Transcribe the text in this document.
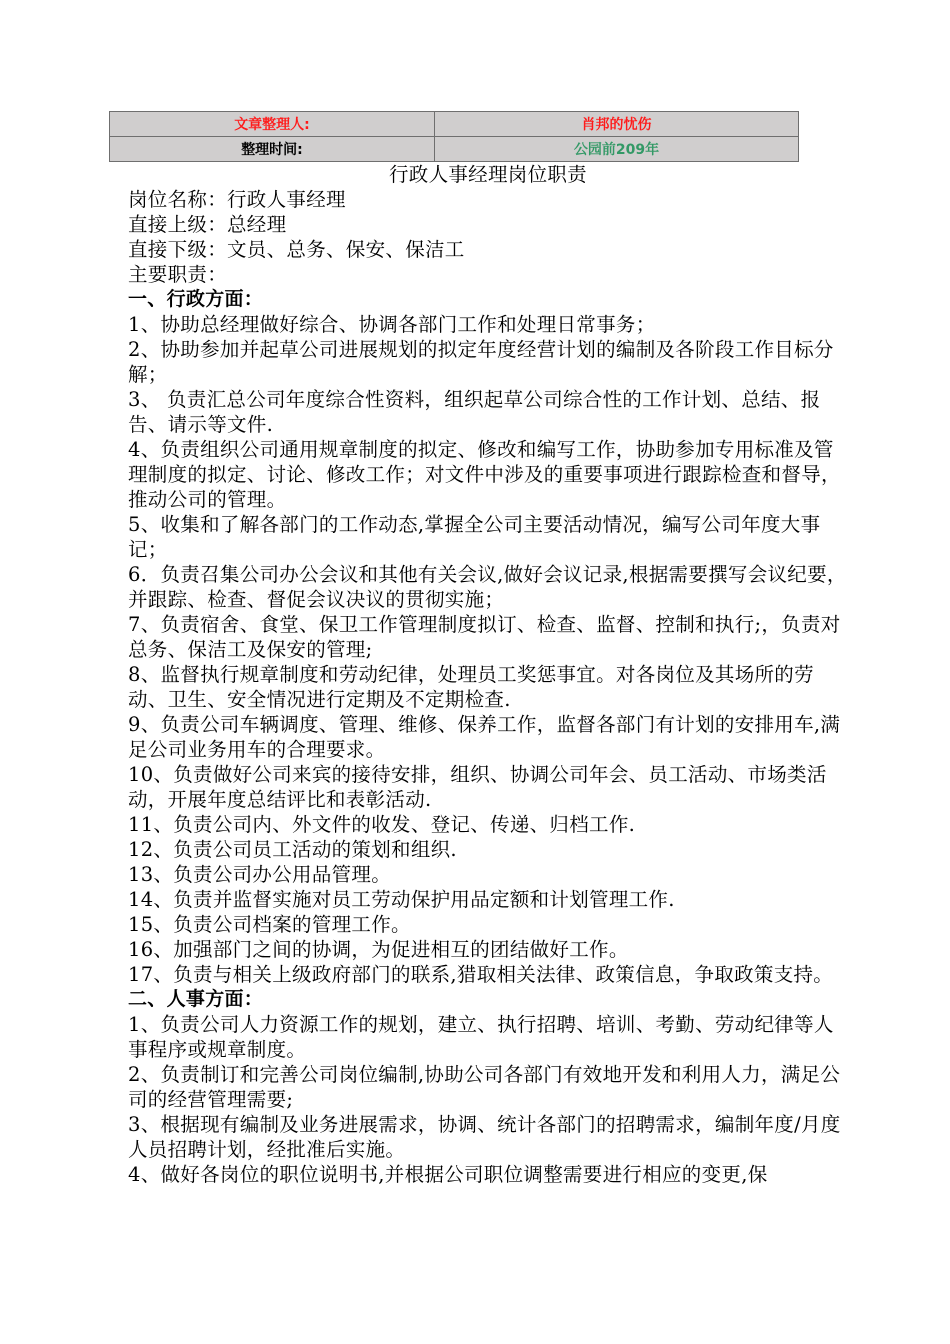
文章整理人:	肖邦的忧伤
整理时间:	公园前209年
行政人事经理岗位职责

岗位名称：行政人事经理

直接上级：总经理

直接下级：文员、总务、保安、保洁工

主要职责：

一、行政方面：

1、协助总经理做好综合、协调各部门工作和处理日常事务；

2、协助参加并起草公司进展规划的拟定年度经营计划的编制及各阶段工作目标分解；

3、 负责汇总公司年度综合性资料，组织起草公司综合性的工作计划、总结、报告、请示等文件.

4、负责组织公司通用规章制度的拟定、修改和编写工作，协助参加专用标准及管理制度的拟定、讨论、修改工作；对文件中涉及的重要事项进行跟踪检查和督导，推动公司的管理。

5、收集和了解各部门的工作动态,掌握全公司主要活动情况，编写公司年度大事记；

6．负责召集公司办公会议和其他有关会议,做好会议记录,根据需要撰写会议纪要，并跟踪、检查、督促会议决议的贯彻实施；

7、负责宿舍、食堂、保卫工作管理制度拟订、检查、监督、控制和执行;，负责对总务、保洁工及保安的管理;

8、监督执行规章制度和劳动纪律，处理员工奖惩事宜。对各岗位及其场所的劳动、卫生、安全情况进行定期及不定期检查.

9、负责公司车辆调度、管理、维修、保养工作，监督各部门有计划的安排用车,满足公司业务用车的合理要求。

10、负责做好公司来宾的接待安排，组织、协调公司年会、员工活动、市场类活动，开展年度总结评比和表彰活动.

11、负责公司内、外文件的收发、登记、传递、归档工作.

12、负责公司员工活动的策划和组织.

13、负责公司办公用品管理。

14、负责并监督实施对员工劳动保护用品定额和计划管理工作.

15、负责公司档案的管理工作。

16、加强部门之间的协调，为促进相互的团结做好工作。

17、负责与相关上级政府部门的联系,猎取相关法律、政策信息，争取政策支持。

二、人事方面：

1、负责公司人力资源工作的规划，建立、执行招聘、培训、考勤、劳动纪律等人事程序或规章制度。

2、负责制订和完善公司岗位编制,协助公司各部门有效地开发和利用人力，满足公司的经营管理需要;

3、根据现有编制及业务进展需求，协调、统计各部门的招聘需求，编制年度/月度人员招聘计划，经批准后实施。

4、做好各岗位的职位说明书,并根据公司职位调整需要进行相应的变更,保
